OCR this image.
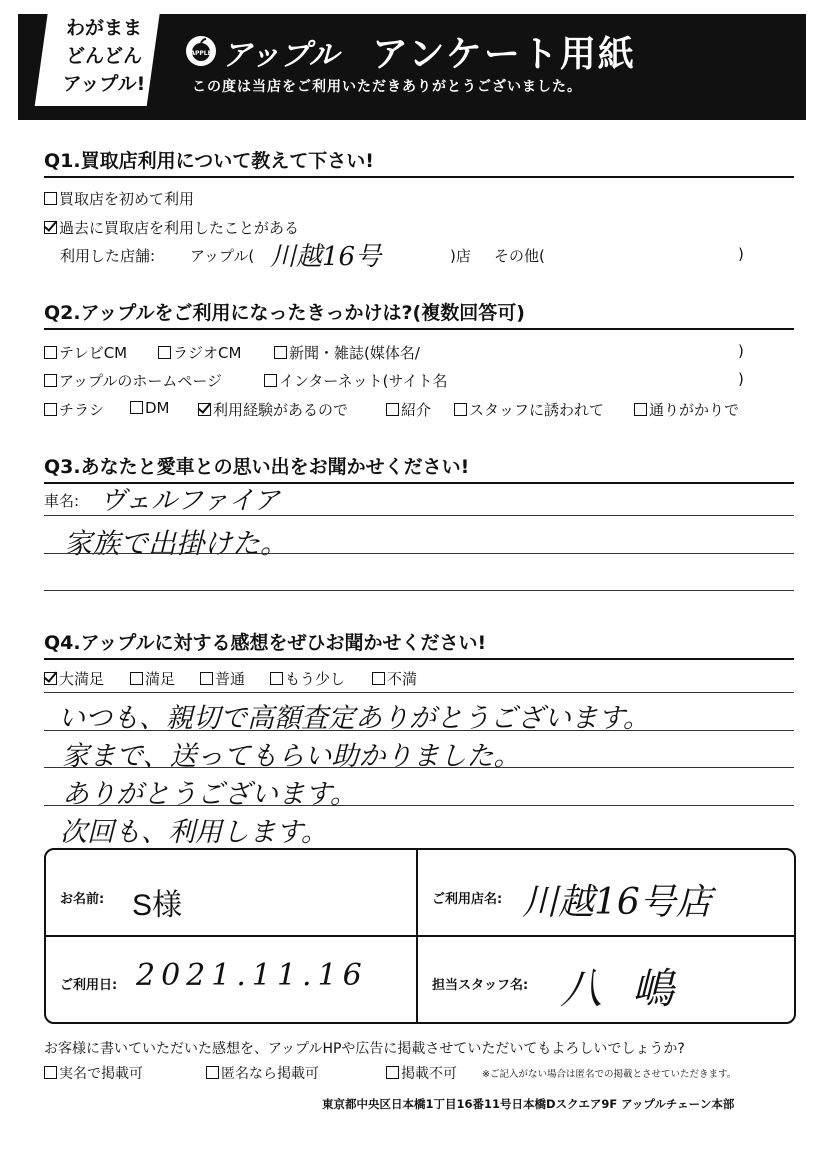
わがまま
どんどん
アップル!
APPLE アップル アンケート用紙
この度は当店をご利用いただきありがとうございました。
Q1.買取店利用について教えて下さい!
買取店を初めて利用
過去に買取店を利用したことがある
利用した店舗: アップル( 川越16号	)店 その他(	)
Q2.アップルをご利用になったきっかけは?(複数回答可)
テレビCM	ラジオCM	新聞・雑誌(媒体名/	)
アップルのホームページ	インターネット(サイト名	)
チラシ	DM	利用経験があるので	紹介	スタッフに誘われて	通りがかりで
Q3.あなたと愛車との思い出をお聞かせください!
車名: ヴェルファイア
家族で出掛けた。
Q4.アップルに対する感想をぜひお聞かせください!
大満足	満足	普通	もう少し	不満
いつも、親切で高額査定ありがとうございます。
家まで、送ってもらい助かりました。
ありがとうございます。
次回も、利用します。
お名前: S様	ご利用店名: 川越16号店
ご利用日: 2021.11.16	担当スタッフ名: 八嶋
お客様に書いていただいた感想を、アップルHPや広告に掲載させていただいてもよろしいでしょうか?
実名で掲載可	匿名なら掲載可	掲載不可	※ご記入がない場合は匿名での掲載とさせていただきます。
東京都中央区日本橋1丁目16番11号日本橋Dスクエア9F アップルチェーン本部
